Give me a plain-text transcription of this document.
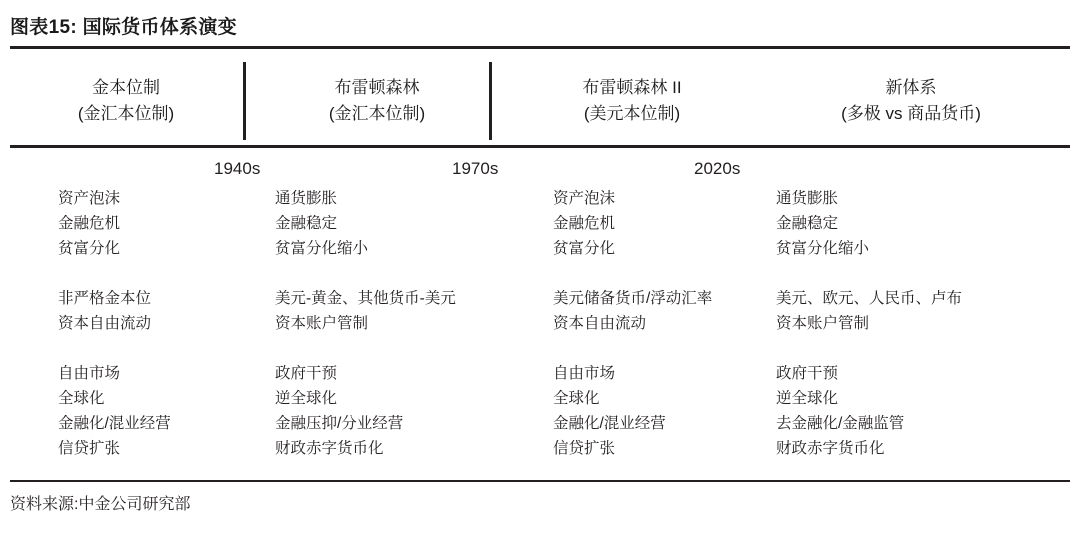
图表15: 国际货币体系演变
金本位制
(金汇本位制)
布雷顿森林
(金汇本位制)
布雷顿森林 II
(美元本位制)
新体系
(多极 vs 商品货币)
1940s	1970s	2020s
资产泡沫
金融危机
贫富分化
非严格金本位
资本自由流动
自由市场
全球化
金融化/混业经营
信贷扩张
通货膨胀
金融稳定
贫富分化缩小
美元-黄金、其他货币-美元
资本账户管制
政府干预
逆全球化
金融压抑/分业经营
财政赤字货币化
资产泡沫
金融危机
贫富分化
美元储备货币/浮动汇率
资本自由流动
自由市场
全球化
金融化/混业经营
信贷扩张
通货膨胀
金融稳定
贫富分化缩小
美元、欧元、人民币、卢布
资本账户管制
政府干预
逆全球化
去金融化/金融监管
财政赤字货币化
资料来源:中金公司研究部
